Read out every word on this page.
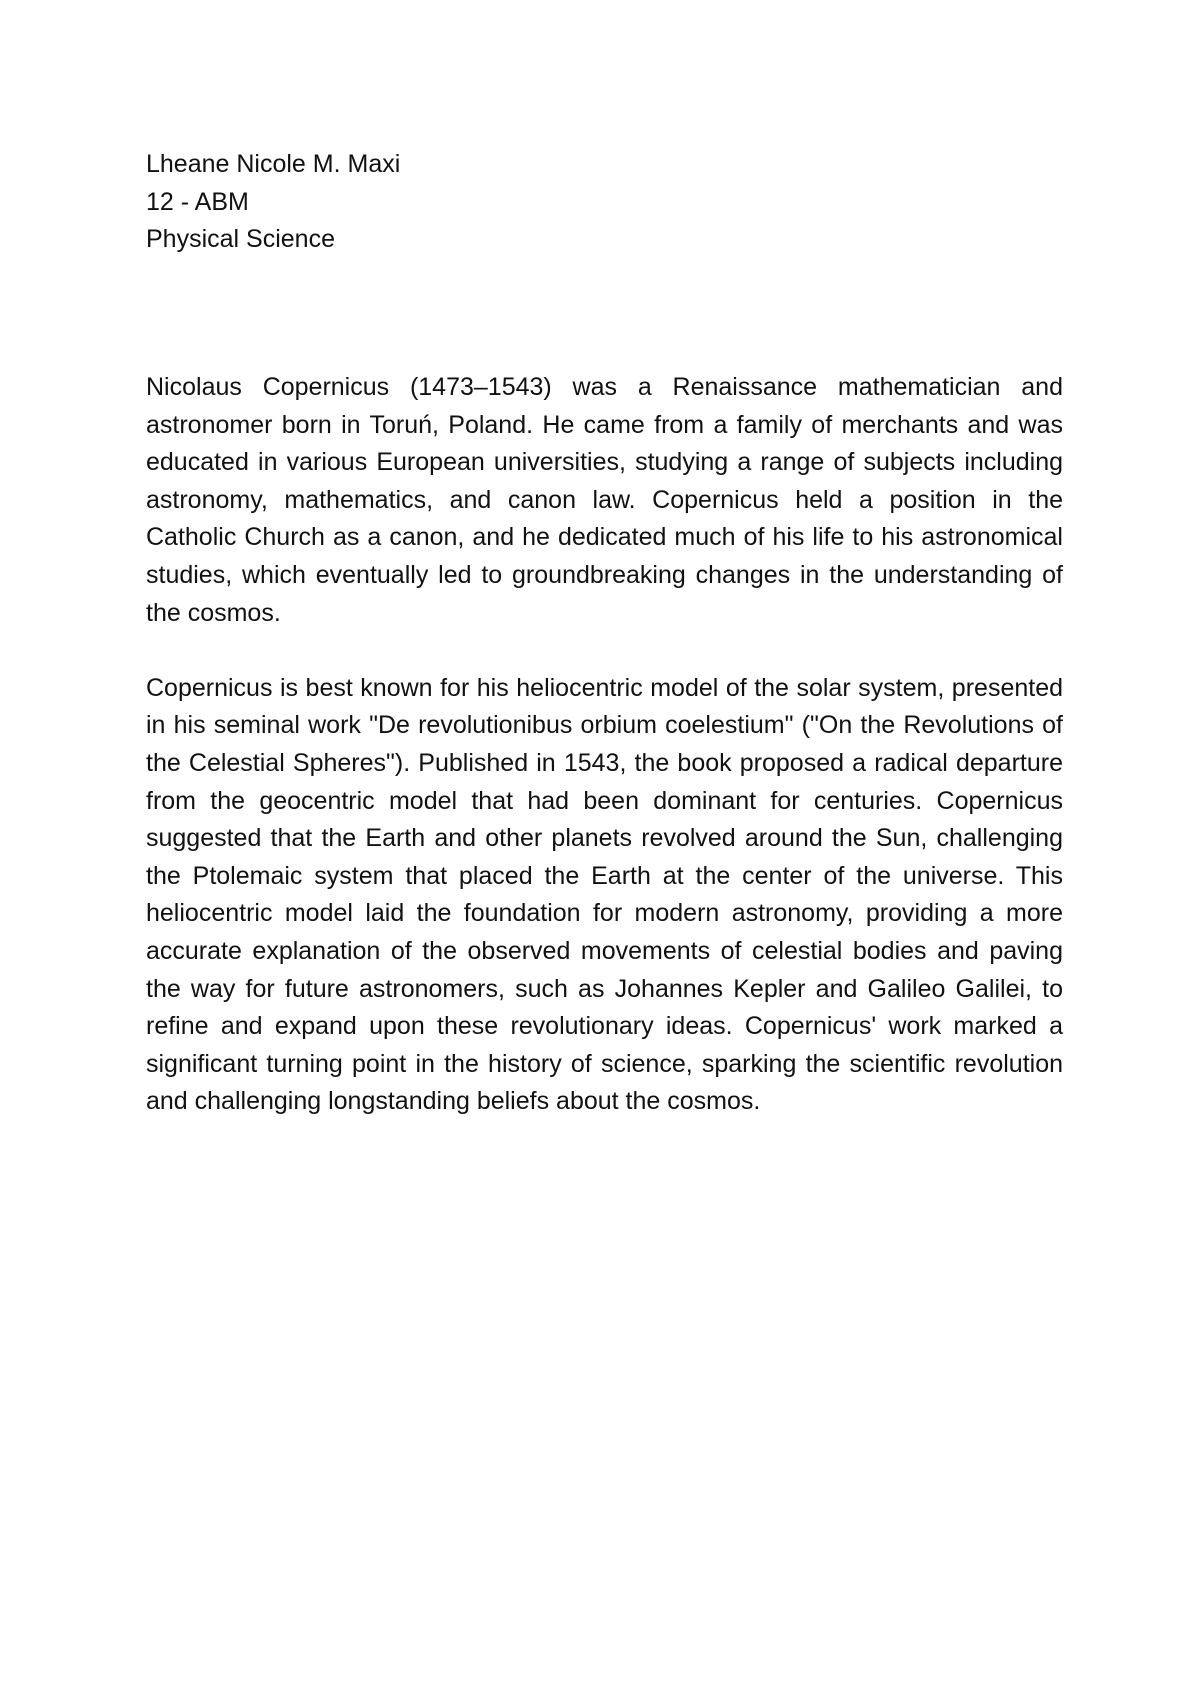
Lheane Nicole M. Maxi
12 - ABM
Physical Science

Nicolaus Copernicus (1473–1543) was a Renaissance mathematician and astronomer born in Toruń, Poland. He came from a family of merchants and was educated in various European universities, studying a range of subjects including astronomy, mathematics, and canon law. Copernicus held a position in the Catholic Church as a canon, and he dedicated much of his life to his astronomical studies, which eventually led to groundbreaking changes in the understanding of the cosmos.

Copernicus is best known for his heliocentric model of the solar system, presented in his seminal work "De revolutionibus orbium coelestium" ("On the Revolutions of the Celestial Spheres"). Published in 1543, the book proposed a radical departure from the geocentric model that had been dominant for centuries. Copernicus suggested that the Earth and other planets revolved around the Sun, challenging the Ptolemaic system that placed the Earth at the center of the universe. This heliocentric model laid the foundation for modern astronomy, providing a more accurate explanation of the observed movements of celestial bodies and paving the way for future astronomers, such as Johannes Kepler and Galileo Galilei, to refine and expand upon these revolutionary ideas. Copernicus' work marked a significant turning point in the history of science, sparking the scientific revolution and challenging longstanding beliefs about the cosmos.
